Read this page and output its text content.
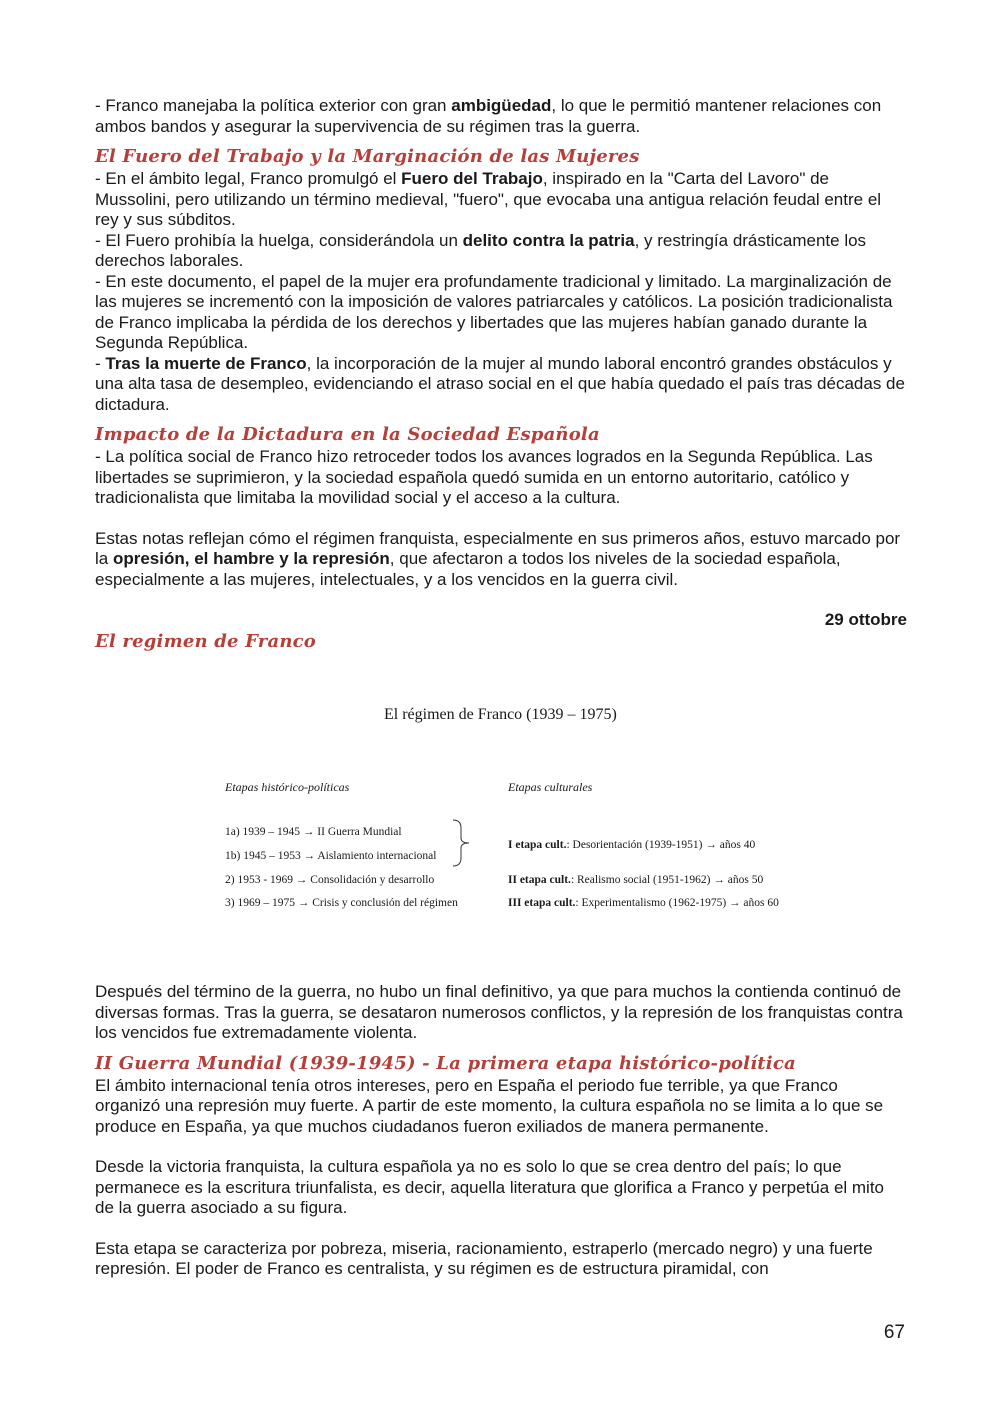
- Franco manejaba la política exterior con gran ambigüedad, lo que le permitió mantener relaciones con ambos bandos y asegurar la supervivencia de su régimen tras la guerra.

El Fuero del Trabajo y la Marginación de las Mujeres

- En el ámbito legal, Franco promulgó el Fuero del Trabajo, inspirado en la "Carta del Lavoro" de Mussolini, pero utilizando un término medieval, "fuero", que evocaba una antigua relación feudal entre el rey y sus súbditos.

- El Fuero prohibía la huelga, considerándola un delito contra la patria, y restringía drásticamente los derechos laborales.

- En este documento, el papel de la mujer era profundamente tradicional y limitado. La marginalización de las mujeres se incrementó con la imposición de valores patriarcales y católicos. La posición tradicionalista de Franco implicaba la pérdida de los derechos y libertades que las mujeres habían ganado durante la Segunda República.

- Tras la muerte de Franco, la incorporación de la mujer al mundo laboral encontró grandes obstáculos y una alta tasa de desempleo, evidenciando el atraso social en el que había quedado el país tras décadas de dictadura.

Impacto de la Dictadura en la Sociedad Española

- La política social de Franco hizo retroceder todos los avances logrados en la Segunda República. Las libertades se suprimieron, y la sociedad española quedó sumida en un entorno autoritario, católico y tradicionalista que limitaba la movilidad social y el acceso a la cultura.

Estas notas reflejan cómo el régimen franquista, especialmente en sus primeros años, estuvo marcado por la opresión, el hambre y la represión, que afectaron a todos los niveles de la sociedad española, especialmente a las mujeres, intelectuales, y a los vencidos en la guerra civil.

29 ottobre
El regimen de Franco
El régimen de Franco (1939 – 1975)
Etapas histórico-políticas	Etapas culturales
1a) 1939 – 1945 → II Guerra Mundial
1b) 1945 – 1953 → Aislamiento internacional
2) 1953 - 1969 → Consolidación y desarrollo
3) 1969 – 1975 → Crisis y conclusión del régimen
I etapa cult.: Desorientación (1939-1951) → años 40
II etapa cult.: Realismo social (1951-1962) → años 50
III etapa cult.: Experimentalismo (1962-1975) → años 60

Después del término de la guerra, no hubo un final definitivo, ya que para muchos la contienda continuó de diversas formas. Tras la guerra, se desataron numerosos conflictos, y la represión de los franquistas contra los vencidos fue extremadamente violenta.

II Guerra Mundial (1939-1945) - La primera etapa histórico-política

El ámbito internacional tenía otros intereses, pero en España el periodo fue terrible, ya que Franco organizó una represión muy fuerte. A partir de este momento, la cultura española no se limita a lo que se produce en España, ya que muchos ciudadanos fueron exiliados de manera permanente.

Desde la victoria franquista, la cultura española ya no es solo lo que se crea dentro del país; lo que permanece es la escritura triunfalista, es decir, aquella literatura que glorifica a Franco y perpetúa el mito de la guerra asociado a su figura.

Esta etapa se caracteriza por pobreza, miseria, racionamiento, estraperlo (mercado negro) y una fuerte represión. El poder de Franco es centralista, y su régimen es de estructura piramidal, con

67
